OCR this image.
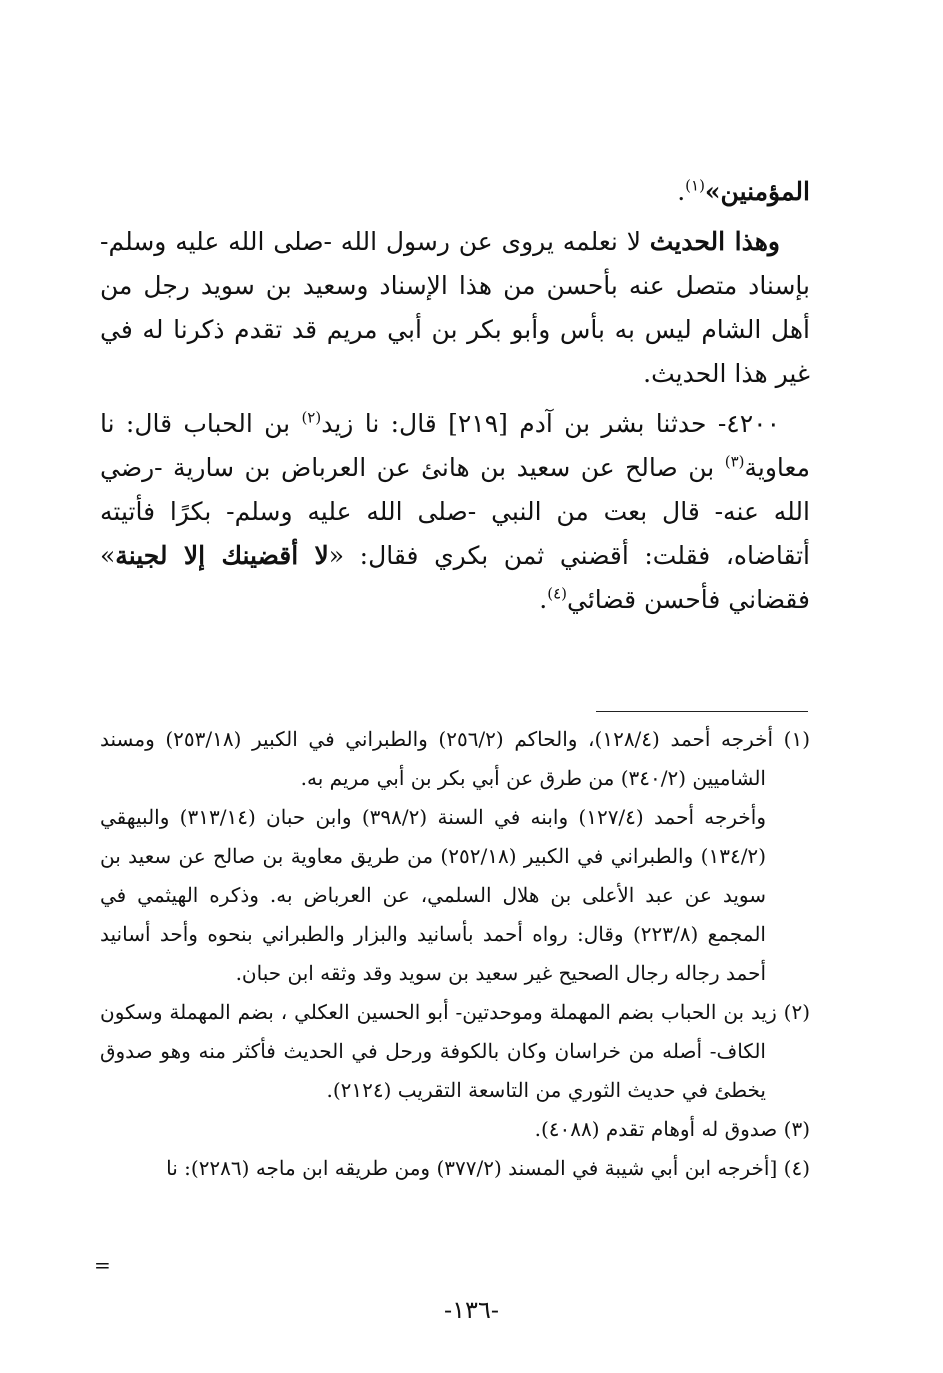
المؤمنين»$^{(١)}$.

وهذا الحديث لا نعلمه يروى عن رسول الله -صلى الله عليه وسلم- بإسناد متصل عنه بأحسن من هذا الإسناد وسعيد بن سويد رجل من أهل الشام ليس به بأس وأبو بكر بن أبي مريم قد تقدم ذكرنا له في غير هذا الحديث.

٤٢٠٠- حدثنا بشر بن آدم [٢١٩] قال: نا زيد$^{(٢)}$ بن الحباب قال: نا معاوية$^{(٣)}$ بن صالح عن سعيد بن هانئ عن العرباض بن سارية -رضي الله عنه- قال بعت من النبي -صلى الله عليه وسلم- بكرًا فأتيته أتقاضاه، فقلت: أقضني ثمن بكري فقال: «لا أقضينك إلا لجينة» فقضاني فأحسن قضائي$^{(٤)}$.

(١) أخرجه أحمد (١٢٨/٤)، والحاكم (٢٥٦/٢) والطبراني في الكبير (٢٥٣/١٨) ومسند الشاميين (٣٤٠/٢) من طرق عن أبي بكر بن أبي مريم به.

وأخرجه أحمد (١٢٧/٤) وابنه في السنة (٣٩٨/٢) وابن حبان (٣١٣/١٤) والبيهقي (١٣٤/٢) والطبراني في الكبير (٢٥٢/١٨) من طريق معاوية بن صالح عن سعيد بن سويد عن عبد الأعلى بن هلال السلمي، عن العرباض به. وذكره الهيثمي في المجمع (٢٢٣/٨) وقال: رواه أحمد بأسانيد والبزار والطبراني بنحوه وأحد أسانيد أحمد رجاله رجال الصحيح غير سعيد بن سويد وقد وثقه ابن حبان.

(٢) زيد بن الحباب بضم المهملة وموحدتين- أبو الحسين العكلي ، بضم المهملة وسكون الكاف- أصله من خراسان وكان بالكوفة ورحل في الحديث فأكثر منه وهو صدوق يخطئ في حديث الثوري من التاسعة التقريب (٢١٢٤).

(٣) صدوق له أوهام تقدم (٤٠٨٨).

(٤) [أخرجه ابن أبي شيبة في المسند (٣٧٧/٢) ومن طريقه ابن ماجه (٢٢٨٦): نا

=
-١٣٦-
